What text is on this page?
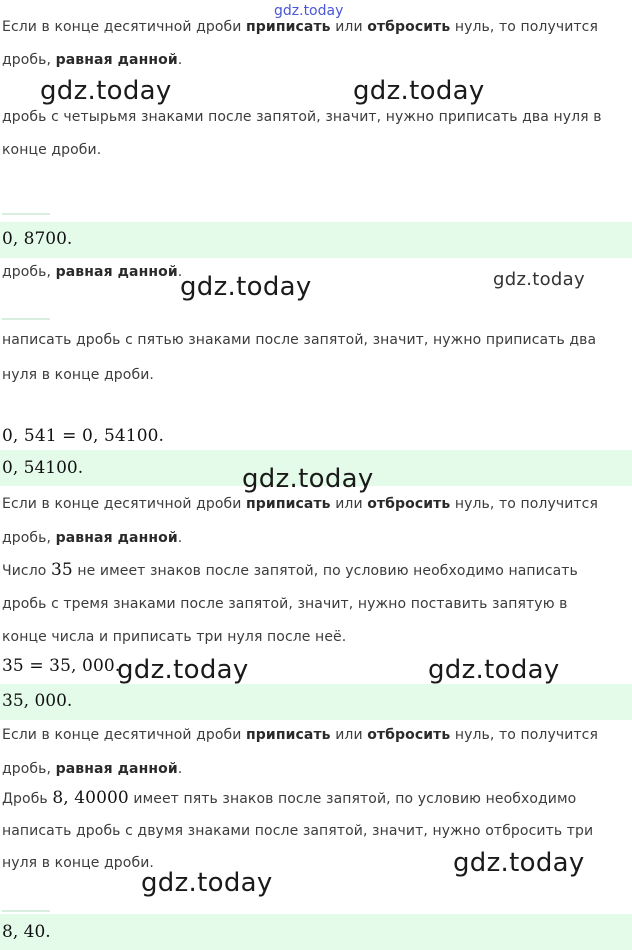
gdz.today
Если в конце десятичной дроби приписать или отбросить нуль, то получится
дробь, равная данной.
дробь с четырьмя знаками после запятой, значит, нужно приписать два нуля в
конце дроби.
0, 8700.
дробь, равная данной.
написать дробь с пятью знаками после запятой, значит, нужно приписать два
нуля в конце дроби.
0, 541 = 0, 54100.
0, 54100.
Если в конце десятичной дроби приписать или отбросить нуль, то получится
дробь, равная данной.
Число 35 не имеет знаков после запятой, по условию необходимо написать
дробь с тремя знаками после запятой, значит, нужно поставить запятую в
конце числа и приписать три нуля после неё.
35 = 35, 000.
35, 000.
Если в конце десятичной дроби приписать или отбросить нуль, то получится
дробь, равная данной.
Дробь 8, 40000 имеет пять знаков после запятой, по условию необходимо
написать дробь с двумя знаками после запятой, значит, нужно отбросить три
нуля в конце дроби.
8, 40.
gdz.today	gdz.today
gdz.today	gdz.today
gdz.today
gdz.today	gdz.today
gdz.today
gdz.today
